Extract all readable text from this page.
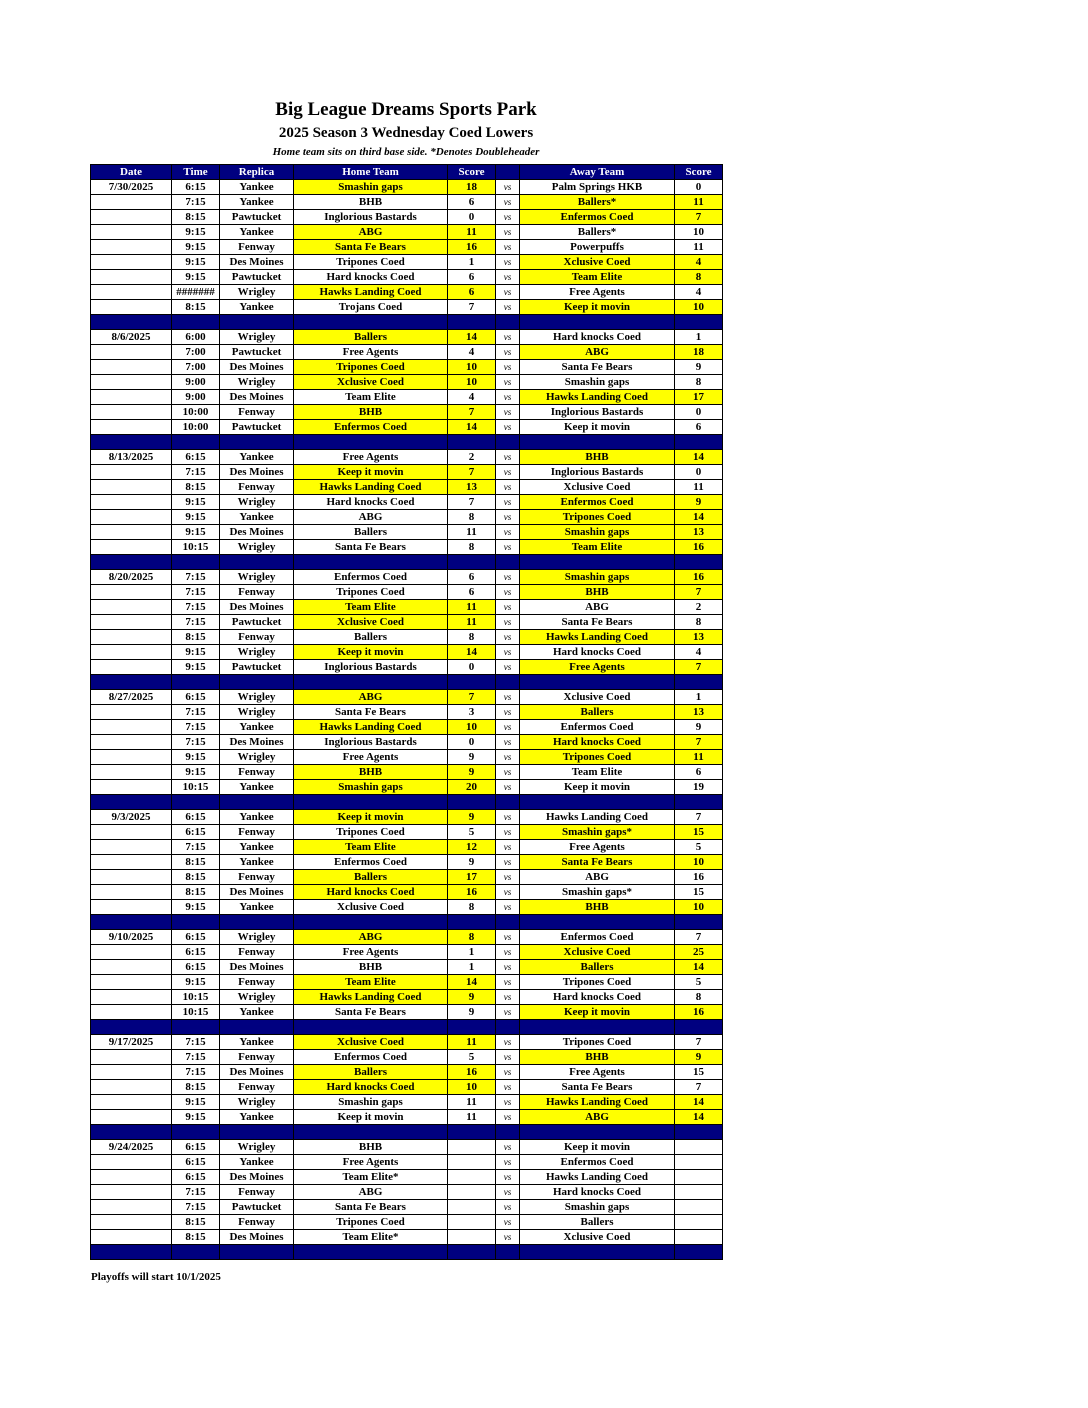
Big League Dreams Sports Park
2025 Season 3 Wednesday Coed Lowers
Home team sits on third base side. *Denotes Doubleheader
Date	Time	Replica	Home Team	Score		Away Team	Score
7/30/2025	6:15	Yankee	Smashin gaps	18	vs	Palm Springs HKB	0
	7:15	Yankee	BHB	6	vs	Ballers*	11
	8:15	Pawtucket	Inglorious Bastards	0	vs	Enfermos Coed	7
	9:15	Yankee	ABG	11	vs	Ballers*	10
	9:15	Fenway	Santa Fe Bears	16	vs	Powerpuffs	11
	9:15	Des Moines	Tripones Coed	1	vs	Xclusive Coed	4
	9:15	Pawtucket	Hard knocks Coed	6	vs	Team Elite	8
	#######	Wrigley	Hawks Landing Coed	6	vs	Free Agents	4
	8:15	Yankee	Trojans Coed	7	vs	Keep it movin	10

8/6/2025	6:00	Wrigley	Ballers	14	vs	Hard knocks Coed	1
	7:00	Pawtucket	Free Agents	4	vs	ABG	18
	7:00	Des Moines	Tripones Coed	10	vs	Santa Fe Bears	9
	9:00	Wrigley	Xclusive Coed	10	vs	Smashin gaps	8
	9:00	Des Moines	Team Elite	4	vs	Hawks Landing Coed	17
	10:00	Fenway	BHB	7	vs	Inglorious Bastards	0
	10:00	Pawtucket	Enfermos Coed	14	vs	Keep it movin	6

8/13/2025	6:15	Yankee	Free Agents	2	vs	BHB	14
	7:15	Des Moines	Keep it movin	7	vs	Inglorious Bastards	0
	8:15	Fenway	Hawks Landing Coed	13	vs	Xclusive Coed	11
	9:15	Wrigley	Hard knocks Coed	7	vs	Enfermos Coed	9
	9:15	Yankee	ABG	8	vs	Tripones Coed	14
	9:15	Des Moines	Ballers	11	vs	Smashin gaps	13
	10:15	Wrigley	Santa Fe Bears	8	vs	Team Elite	16

8/20/2025	7:15	Wrigley	Enfermos Coed	6	vs	Smashin gaps	16
	7:15	Fenway	Tripones Coed	6	vs	BHB	7
	7:15	Des Moines	Team Elite	11	vs	ABG	2
	7:15	Pawtucket	Xclusive Coed	11	vs	Santa Fe Bears	8
	8:15	Fenway	Ballers	8	vs	Hawks Landing Coed	13
	9:15	Wrigley	Keep it movin	14	vs	Hard knocks Coed	4
	9:15	Pawtucket	Inglorious Bastards	0	vs	Free Agents	7

8/27/2025	6:15	Wrigley	ABG	7	vs	Xclusive Coed	1
	7:15	Wrigley	Santa Fe Bears	3	vs	Ballers	13
	7:15	Yankee	Hawks Landing Coed	10	vs	Enfermos Coed	9
	7:15	Des Moines	Inglorious Bastards	0	vs	Hard knocks Coed	7
	9:15	Wrigley	Free Agents	9	vs	Tripones Coed	11
	9:15	Fenway	BHB	9	vs	Team Elite	6
	10:15	Yankee	Smashin gaps	20	vs	Keep it movin	19

9/3/2025	6:15	Yankee	Keep it movin	9	vs	Hawks Landing Coed	7
	6:15	Fenway	Tripones Coed	5	vs	Smashin gaps*	15
	7:15	Yankee	Team Elite	12	vs	Free Agents	5
	8:15	Yankee	Enfermos Coed	9	vs	Santa Fe Bears	10
	8:15	Fenway	Ballers	17	vs	ABG	16
	8:15	Des Moines	Hard knocks Coed	16	vs	Smashin gaps*	15
	9:15	Yankee	Xclusive Coed	8	vs	BHB	10

9/10/2025	6:15	Wrigley	ABG	8	vs	Enfermos Coed	7
	6:15	Fenway	Free Agents	1	vs	Xclusive Coed	25
	6:15	Des Moines	BHB	1	vs	Ballers	14
	9:15	Fenway	Team Elite	14	vs	Tripones Coed	5
	10:15	Wrigley	Hawks Landing Coed	9	vs	Hard knocks Coed	8
	10:15	Yankee	Santa Fe Bears	9	vs	Keep it movin	16

9/17/2025	7:15	Yankee	Xclusive Coed	11	vs	Tripones Coed	7
	7:15	Fenway	Enfermos Coed	5	vs	BHB	9
	7:15	Des Moines	Ballers	16	vs	Free Agents	15
	8:15	Fenway	Hard knocks Coed	10	vs	Santa Fe Bears	7
	9:15	Wrigley	Smashin gaps	11	vs	Hawks Landing Coed	14
	9:15	Yankee	Keep it movin	11	vs	ABG	14

9/24/2025	6:15	Wrigley	BHB		vs	Keep it movin	
	6:15	Yankee	Free Agents		vs	Enfermos Coed	
	6:15	Des Moines	Team Elite*		vs	Hawks Landing Coed	
	7:15	Fenway	ABG		vs	Hard knocks Coed	
	7:15	Pawtucket	Santa Fe Bears		vs	Smashin gaps	
	8:15	Fenway	Tripones Coed		vs	Ballers	
	8:15	Des Moines	Team Elite*		vs	Xclusive Coed	

Playoffs will start 10/1/2025
